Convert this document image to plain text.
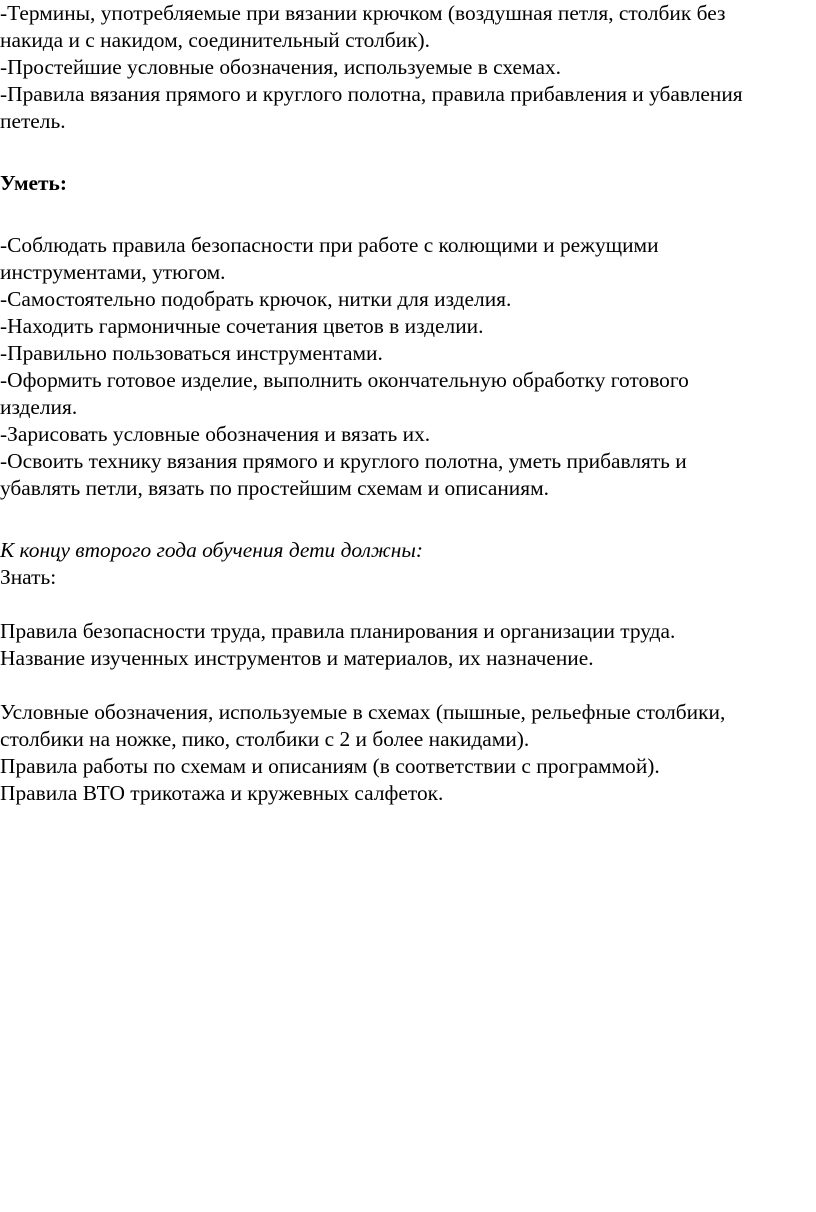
-Термины, употребляемые при вязании крючком (воздушная петля, столбик без
накида и с накидом, соединительный столбик).
-Простейшие условные обозначения, используемые в схемах.
-Правила вязания прямого и круглого полотна, правила прибавления и убавления
петель.
Уметь:
-Соблюдать правила безопасности при работе с колющими и режущими
инструментами, утюгом.
-Самостоятельно подобрать крючок, нитки для изделия.
-Находить гармоничные сочетания цветов в изделии.
-Правильно пользоваться инструментами.
-Оформить готовое изделие, выполнить окончательную обработку готового
изделия.
-Зарисовать условные обозначения и вязать их.
-Освоить технику вязания прямого и круглого полотна, уметь прибавлять и
убавлять петли, вязать по простейшим схемам и описаниям.
К концу второго года обучения дети должны:
Знать:
Правила безопасности труда, правила планирования и организации труда.
Название изученных инструментов и материалов, их назначение.
Условные обозначения, используемые в схемах (пышные, рельефные столбики,
столбики на ножке, пико, столбики с 2 и более накидами).
Правила работы по схемам и описаниям (в соответствии с программой).
Правила ВТО трикотажа и кружевных салфеток.
